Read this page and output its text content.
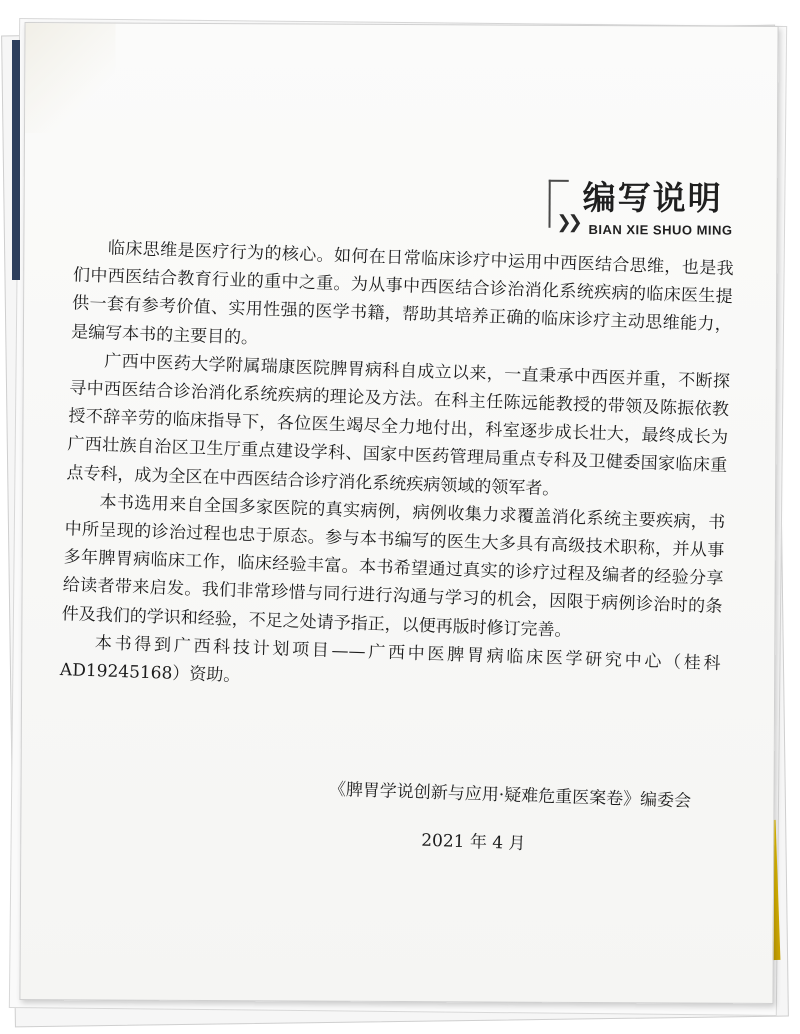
❯❯
编写说明
BIAN XIE SHUO MING

临床思维是医疗行为的核心。如何在日常临床诊疗中运用中西医结合思维，也是我们中西医结合教育行业的重中之重。为从事中西医结合诊治消化系统疾病的临床医生提供一套有参考价值、实用性强的医学书籍，帮助其培养正确的临床诊疗主动思维能力，是编写本书的主要目的。

广西中医药大学附属瑞康医院脾胃病科自成立以来，一直秉承中西医并重，不断探寻中西医结合诊治消化系统疾病的理论及方法。在科主任陈远能教授的带领及陈振依教授不辞辛劳的临床指导下，各位医生竭尽全力地付出，科室逐步成长壮大，最终成长为广西壮族自治区卫生厅重点建设学科、国家中医药管理局重点专科及卫健委国家临床重点专科，成为全区在中西医结合诊疗消化系统疾病领域的领军者。

本书选用来自全国多家医院的真实病例，病例收集力求覆盖消化系统主要疾病，书中所呈现的诊治过程也忠于原态。参与本书编写的医生大多具有高级技术职称，并从事多年脾胃病临床工作，临床经验丰富。本书希望通过真实的诊疗过程及编者的经验分享给读者带来启发。我们非常珍惜与同行进行沟通与学习的机会，因限于病例诊治时的条件及我们的学识和经验，不足之处请予指正，以便再版时修订完善。

本书得到广西科技计划项目——广西中医脾胃病临床医学研究中心（桂科AD19245168）资助。

《脾胃学说创新与应用·疑难危重医案卷》编委会
2021 年 4 月
